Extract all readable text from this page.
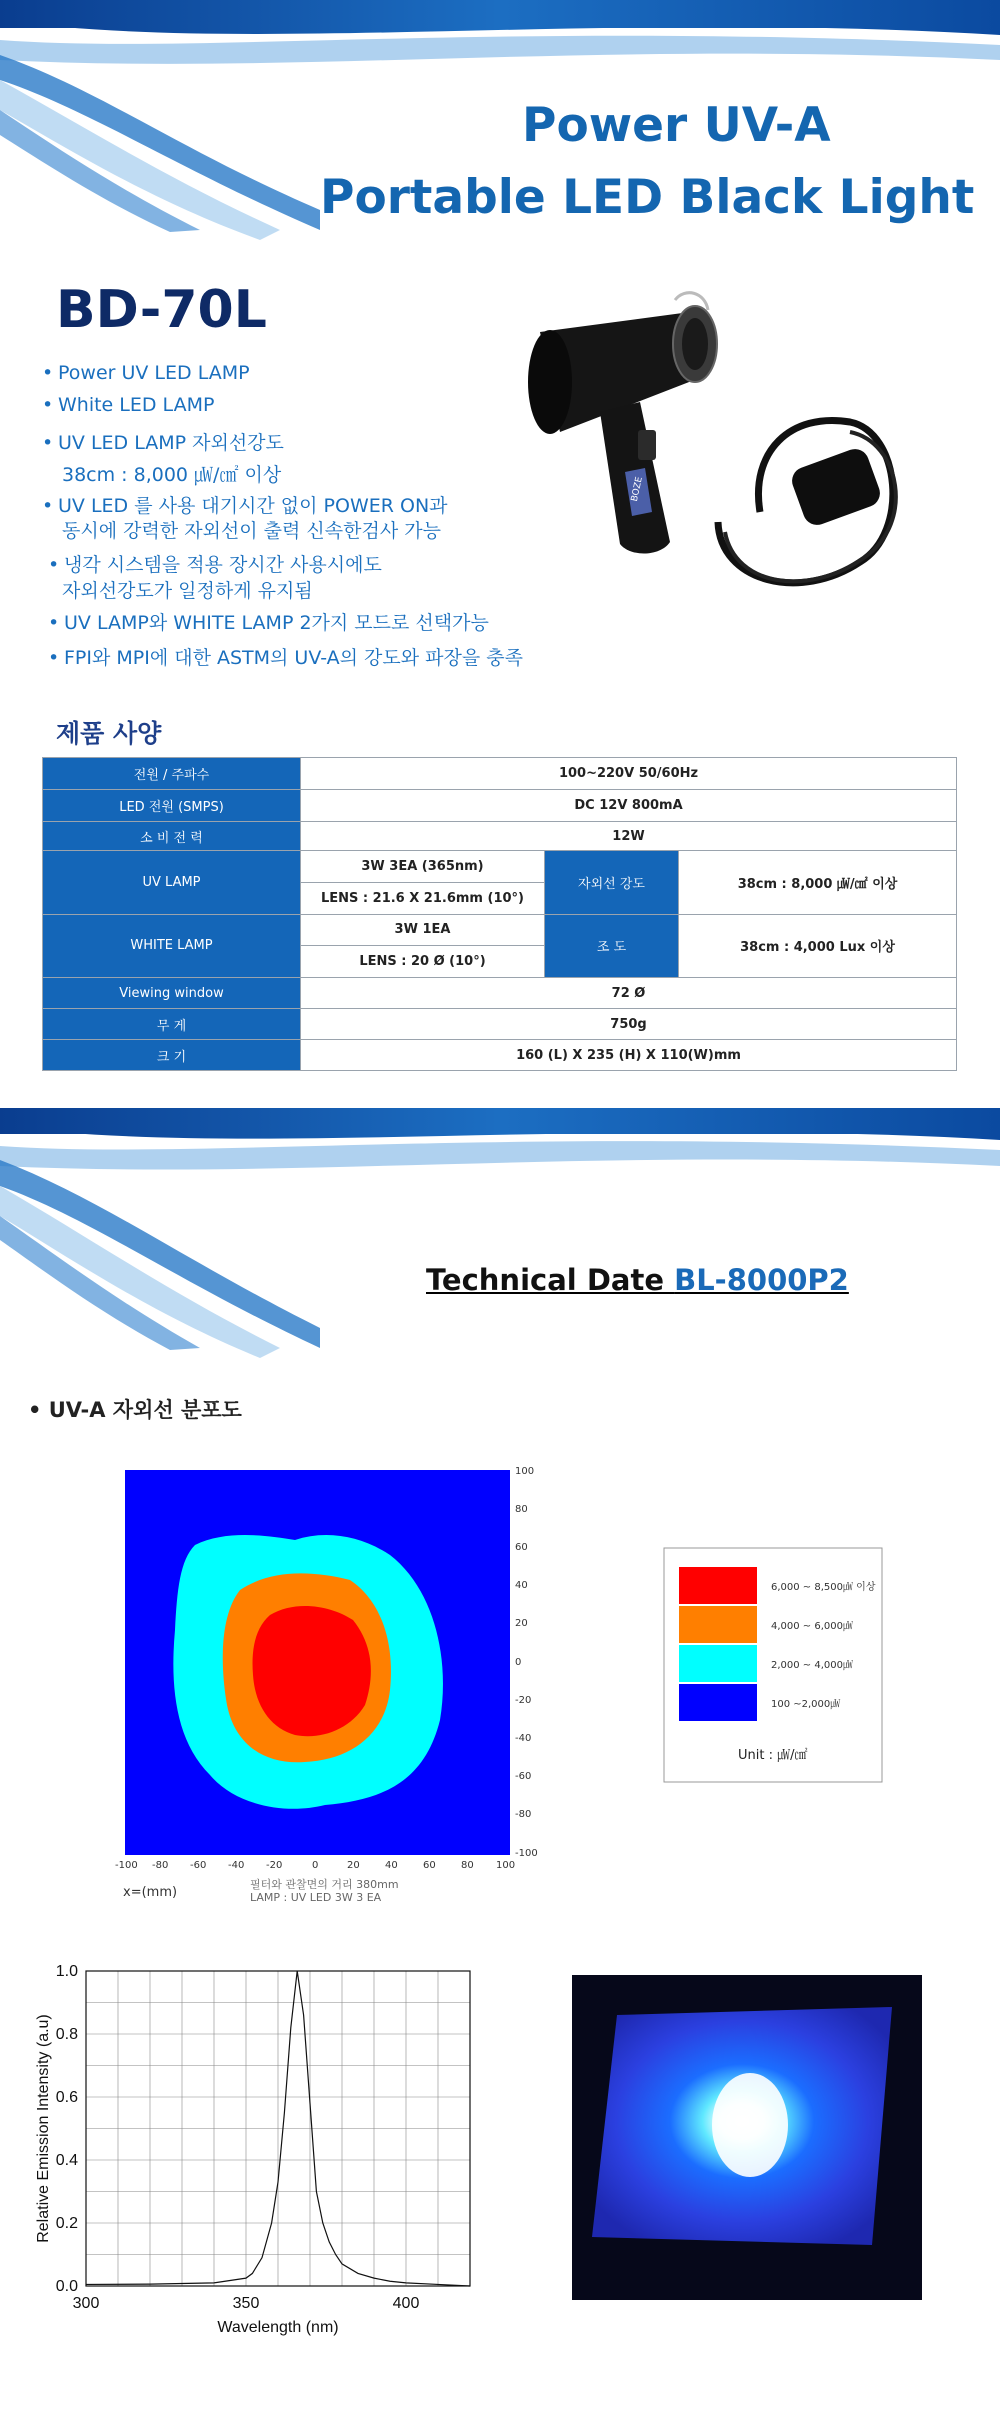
Power UV-A
Portable LED Black Light
BD-70L
• Power UV LED LAMP
• White LED LAMP
• UV LED LAMP 자외선강도
38cm : 8,000 ㎼/㎠ 이상
• UV LED 를 사용 대기시간 없이 POWER ON과
동시에 강력한 자외선이 출력 신속한검사 가능
• 냉각 시스템을 적용 장시간 사용시에도
자외선강도가 일정하게 유지됨
• UV LAMP와 WHITE LAMP 2가지 모드로 선택가능
• FPI와 MPI에 대한 ASTM의 UV-A의 강도와 파장을 충족
BOZE
제품 사양
전원 / 주파수	100~220V 50/60Hz		
LED 전원 (SMPS)	DC 12V 800mA		
소 비 전 력	12W		
UV LAMP	3W 3EA (365nm)	자외선 강도	38cm : 8,000 ㎼/㎠ 이상
	LENS : 21.6 X 21.6mm (10°)		
WHITE LAMP	3W 1EA	조 도	38cm : 4,000 Lux 이상
	LENS : 20 Ø (10°)		
Viewing window	72 Ø		
무 게	750g		
크 기	160 (L) X 235 (H) X 110(W)mm		
Technical Date BL-8000P2
• UV-A 자외선 분포도
100
80
60
40
20
0
-20
-40
-60
-80
-100
-100 -80 -60 -40 -20	0	20	40	60	80 100
x=(mm)
필터와 관찰면의 거리 380mm
LAMP : UV LED 3W 3 EA
6,000 ~ 8,500㎼ 이상
4,000 ~ 6,000㎼
2,000 ~ 4,000㎼
100 ~2,000㎼
Unit : ㎼/㎠
0.0
0.2
0.4
0.6
0.8
1.0
300	350	400
Wavelength (nm)
Relative Emission Intensity (a.u)
